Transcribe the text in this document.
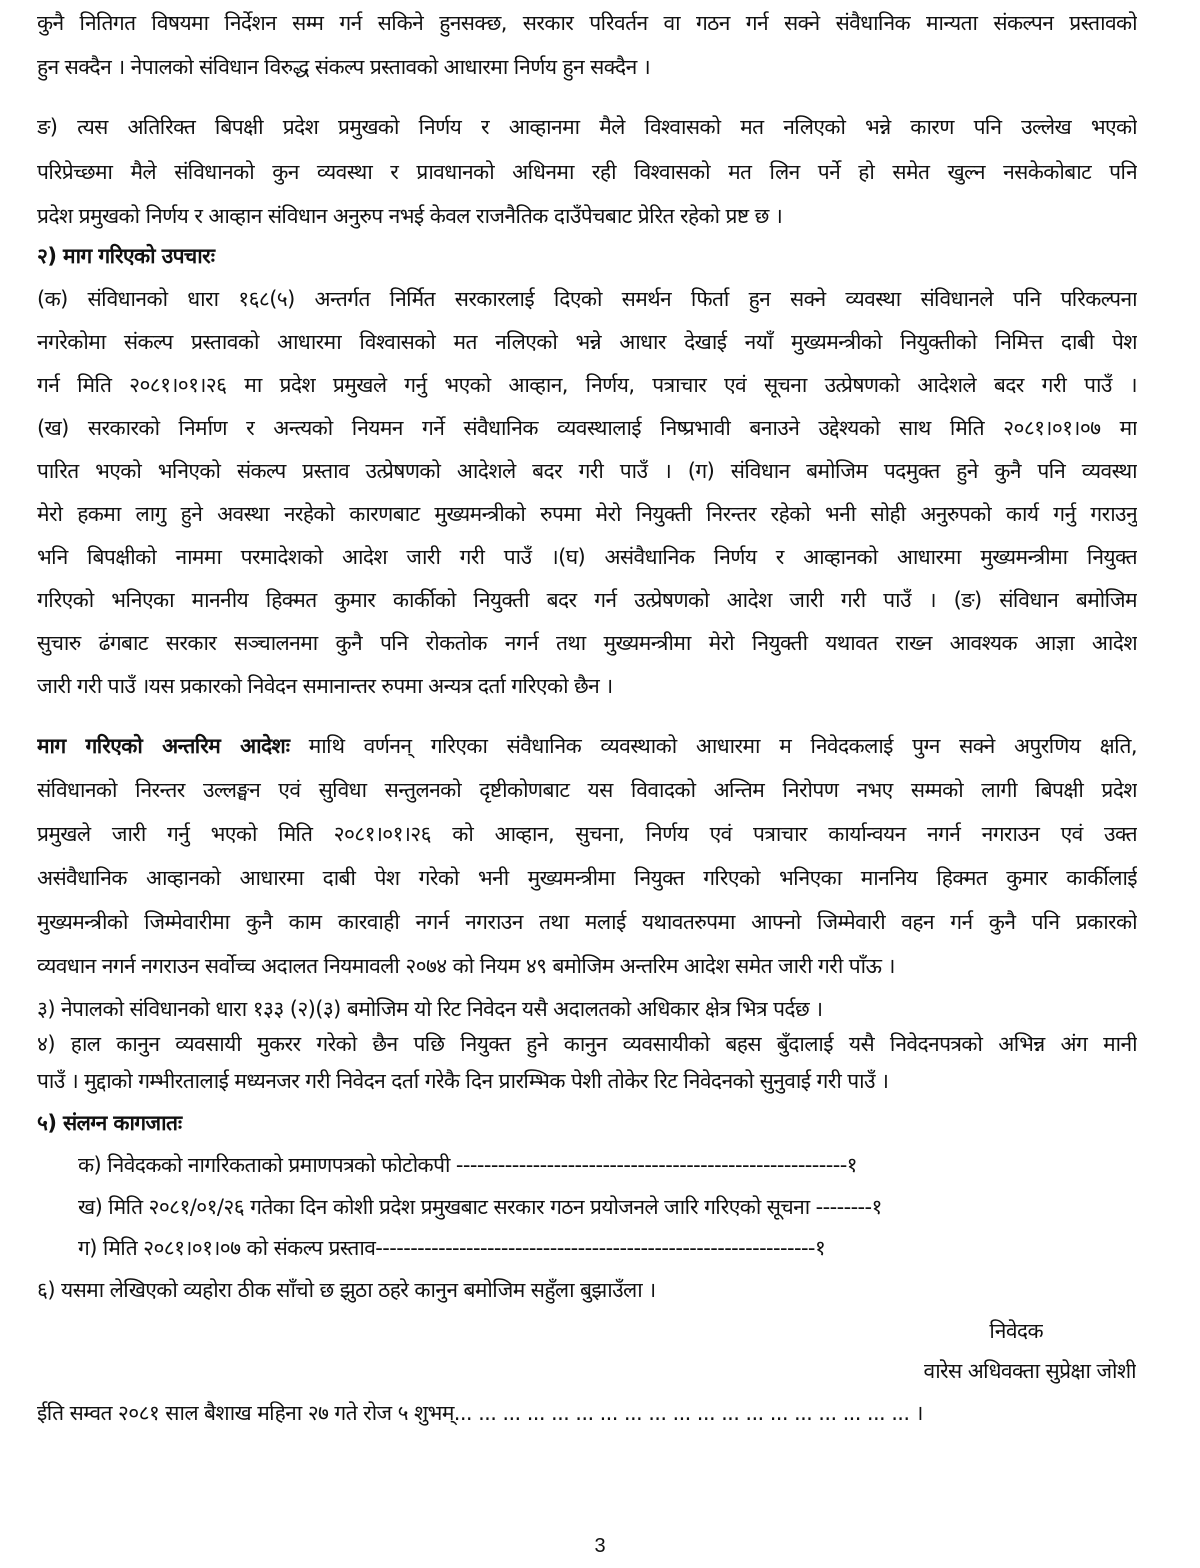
कुनै नितिगत विषयमा निर्देशन सम्म गर्न सकिने हुनसक्छ, सरकार परिवर्तन वा गठन गर्न सक्ने संवैधानिक मान्यता संकल्पन प्रस्तावको
हुन सक्दैन । नेपालको संविधान विरुद्ध संकल्प प्रस्तावको आधारमा निर्णय हुन सक्दैन ।
ङ) त्यस अतिरिक्त बिपक्षी प्रदेश प्रमुखको निर्णय र आव्हानमा मैले विश्वासको मत नलिएको भन्ने कारण पनि उल्लेख भएको
परिप्रेच्छमा मैले संविधानको कुन व्यवस्था र प्रावधानको अधिनमा रही विश्वासको मत लिन पर्ने हो समेत खुल्न नसकेकोबाट पनि
प्रदेश प्रमुखको निर्णय र आव्हान संविधान अनुरुप नभई केवल राजनैतिक दाउँपेचबाट प्रेरित रहेको प्रष्ट छ ।
२) माग गरिएको उपचारः
(क) संविधानको धारा १६८(५) अन्तर्गत निर्मित सरकारलाई दिएको समर्थन फिर्ता हुन सक्ने व्यवस्था संविधानले पनि परिकल्पना
नगरेकोमा संकल्प प्रस्तावको आधारमा विश्वासको मत नलिएको भन्ने आधार देखाई नयाँ मुख्यमन्त्रीको नियुक्तीको निमित्त दाबी पेश
गर्न मिति २०८१।०१।२६ मा प्रदेश प्रमुखले गर्नु भएको आव्हान, निर्णय, पत्राचार एवं सूचना उत्प्रेषणको आदेशले बदर गरी पाउँ ।
(ख) सरकारको निर्माण र अन्त्यको नियमन गर्ने संवैधानिक व्यवस्थालाई निष्प्रभावी बनाउने उद्देश्यको साथ मिति २०८१।०१।०७ मा
पारित भएको भनिएको संकल्प प्रस्ताव उत्प्रेषणको आदेशले बदर गरी पाउँ । (ग) संविधान बमोजिम पदमुक्त हुने कुनै पनि व्यवस्था
मेरो हकमा लागु हुने अवस्था नरहेको कारणबाट मुख्यमन्त्रीको रुपमा मेरो नियुक्ती निरन्तर रहेको भनी सोही अनुरुपको कार्य गर्नु गराउनु
भनि बिपक्षीको नाममा परमादेशको आदेश जारी गरी पाउँ ।(घ) असंवैधानिक निर्णय र आव्हानको आधारमा मुख्यमन्त्रीमा नियुक्त
गरिएको भनिएका माननीय हिक्मत कुमार कार्कीको नियुक्ती बदर गर्न उत्प्रेषणको आदेश जारी गरी पाउँ । (ङ) संविधान बमोजिम
सुचारु ढंगबाट सरकार सञ्चालनमा कुनै पनि रोकतोक नगर्न तथा मुख्यमन्त्रीमा मेरो नियुक्ती यथावत राख्न आवश्यक आज्ञा आदेश
जारी गरी पाउँ ।यस प्रकारको निवेदन समानान्तर रुपमा अन्यत्र दर्ता गरिएको छैन ।
माग गरिएको अन्तरिम आदेशः माथि वर्णनन् गरिएका संवैधानिक व्यवस्थाको आधारमा म निवेदकलाई पुग्न सक्ने अपुरणिय क्षति,
संविधानको निरन्तर उल्लङ्घन एवं सुविधा सन्तुलनको दृष्टीकोणबाट यस विवादको अन्तिम निरोपण नभए सम्मको लागी बिपक्षी प्रदेश
प्रमुखले जारी गर्नु भएको मिति २०८१।०१।२६ को आव्हान, सुचना, निर्णय एवं पत्राचार कार्यान्वयन नगर्न नगराउन एवं उक्त
असंवैधानिक आव्हानको आधारमा दाबी पेश गरेको भनी मुख्यमन्त्रीमा नियुक्त गरिएको भनिएका माननिय हिक्मत कुमार कार्कीलाई
मुख्यमन्त्रीको जिम्मेवारीमा कुनै काम कारवाही नगर्न नगराउन तथा मलाई यथावतरुपमा आफ्नो जिम्मेवारी वहन गर्न कुनै पनि प्रकारको
व्यवधान नगर्न नगराउन सर्वोच्च अदालत नियमावली २०७४ को नियम ४९ बमोजिम अन्तरिम आदेश समेत जारी गरी पाँऊ ।
३) नेपालको संविधानको धारा १३३ (२)(३) बमोजिम यो रिट निवेदन यसै अदालतको अधिकार क्षेत्र भित्र पर्दछ ।
४) हाल कानुन व्यवसायी मुकरर गरेको छैन पछि नियुक्त हुने कानुन व्यवसायीको बहस बुँदालाई यसै निवेदनपत्रको अभिन्न अंग मानी
पाउँ । मुद्दाको गम्भीरतालाई मध्यनजर गरी निवेदन दर्ता गरेकै दिन प्रारम्भिक पेशी तोकेर रिट निवेदनको सुनुवाई गरी पाउँ ।
५) संलग्न कागजातः
क) निवेदकको नागरिकताको प्रमाणपत्रको फोटोकपी --------------------------------------------------------१
ख) मिति २०८१/०१/२६ गतेका दिन कोशी प्रदेश प्रमुखबाट सरकार गठन प्रयोजनले जारि गरिएको सूचना --------१
ग) मिति २०८१।०१।०७ को संकल्प प्रस्ताव---------------------------------------------------------------१
६) यसमा लेखिएको व्यहोरा ठीक साँचो छ झुठा ठहरे कानुन बमोजिम सहुँला बुझाउँला ।
निवेदक
वारेस अधिवक्ता सुप्रेक्षा जोशी
ईति सम्वत २०८१ साल बैशाख महिना २७ गते रोज ५ शुभम्... ... ... ... ... ... ... ... ... ... ... ... ... ... ... ... ... ... ... ।
3
